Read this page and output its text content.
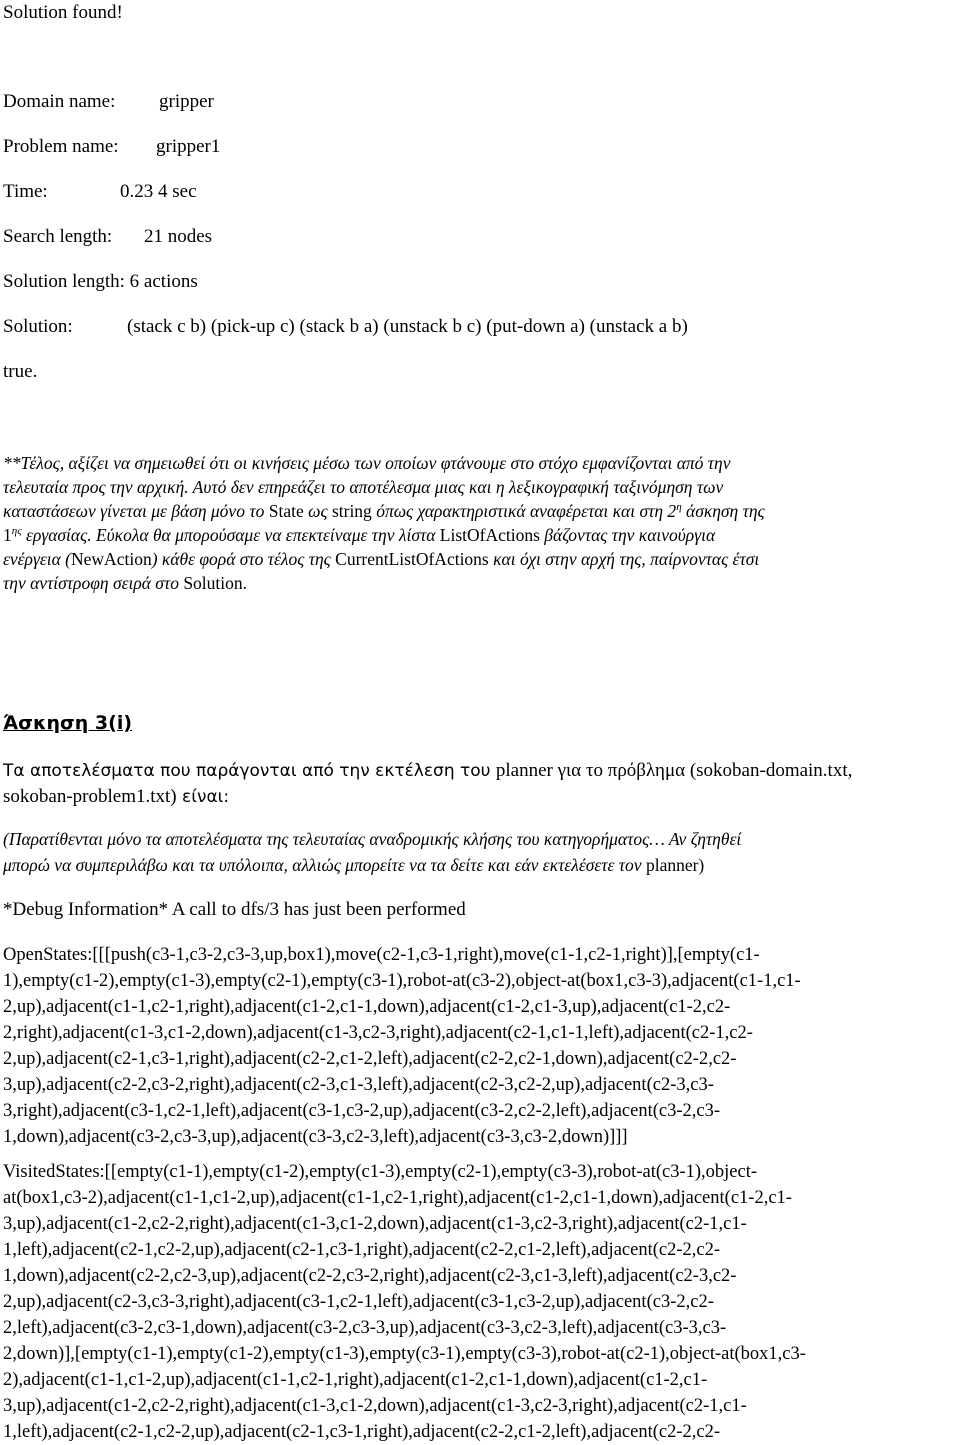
Solution found!
Domain name: gripper
Problem name: gripper1
Time:	0.23 4 sec
Search length: 21 nodes
Solution length: 6 actions
Solution:	(stack c b) (pick-up c) (stack b a) (unstack b c) (put-down a) (unstack a b)
true.
**Τέλος, αξίζει να σημειωθεί ότι οι κινήσεις μέσω των οποίων φτάνουμε στο στόχο εμφανίζονται από την
τελευταία προς την αρχική. Αυτό δεν επηρεάζει το αποτέλεσμα μιας και η λεξικογραφική ταξινόμηση των
καταστάσεων γίνεται με βάση μόνο το State ως string όπως χαρακτηριστικά αναφέρεται και στη $2^\eta$ άσκηση της
$1^{\eta\varsigma}$ εργασίας. Εύκολα θα μπορούσαμε να επεκτείναμε την λίστα ListOfActions βάζοντας την καινούργια
ενέργεια (NewAction) κάθε φορά στο τέλος της CurrentListOfActions και όχι στην αρχή της, παίρνοντας έτσι
την αντίστροφη σειρά στο Solution.
Άσκηση 3(i)
Τα αποτελέσματα που παράγονται από την εκτέλεση του planner για το πρόβλημα (sokoban-domain.txt,
sokoban-problem1.txt) είναι:
(Παρατίθενται μόνο τα αποτελέσματα της τελευταίας αναδρομικής κλήσης του κατηγορήματος… Αν ζητηθεί
μπορώ να συμπεριλάβω και τα υπόλοιπα, αλλιώς μπορείτε να τα δείτε και εάν εκτελέσετε τον planner)
*Debug Information* A call to dfs/3 has just been performed
OpenStates:[[[push(c3-1,c3-2,c3-3,up,box1),move(c2-1,c3-1,right),move(c1-1,c2-1,right)],[empty(c1-
1),empty(c1-2),empty(c1-3),empty(c2-1),empty(c3-1),robot-at(c3-2),object-at(box1,c3-3),adjacent(c1-1,c1-
2,up),adjacent(c1-1,c2-1,right),adjacent(c1-2,c1-1,down),adjacent(c1-2,c1-3,up),adjacent(c1-2,c2-
2,right),adjacent(c1-3,c1-2,down),adjacent(c1-3,c2-3,right),adjacent(c2-1,c1-1,left),adjacent(c2-1,c2-
2,up),adjacent(c2-1,c3-1,right),adjacent(c2-2,c1-2,left),adjacent(c2-2,c2-1,down),adjacent(c2-2,c2-
3,up),adjacent(c2-2,c3-2,right),adjacent(c2-3,c1-3,left),adjacent(c2-3,c2-2,up),adjacent(c2-3,c3-
3,right),adjacent(c3-1,c2-1,left),adjacent(c3-1,c3-2,up),adjacent(c3-2,c2-2,left),adjacent(c3-2,c3-
1,down),adjacent(c3-2,c3-3,up),adjacent(c3-3,c2-3,left),adjacent(c3-3,c3-2,down)]]]
VisitedStates:[[empty(c1-1),empty(c1-2),empty(c1-3),empty(c2-1),empty(c3-3),robot-at(c3-1),object-
at(box1,c3-2),adjacent(c1-1,c1-2,up),adjacent(c1-1,c2-1,right),adjacent(c1-2,c1-1,down),adjacent(c1-2,c1-
3,up),adjacent(c1-2,c2-2,right),adjacent(c1-3,c1-2,down),adjacent(c1-3,c2-3,right),adjacent(c2-1,c1-
1,left),adjacent(c2-1,c2-2,up),adjacent(c2-1,c3-1,right),adjacent(c2-2,c1-2,left),adjacent(c2-2,c2-
1,down),adjacent(c2-2,c2-3,up),adjacent(c2-2,c3-2,right),adjacent(c2-3,c1-3,left),adjacent(c2-3,c2-
2,up),adjacent(c2-3,c3-3,right),adjacent(c3-1,c2-1,left),adjacent(c3-1,c3-2,up),adjacent(c3-2,c2-
2,left),adjacent(c3-2,c3-1,down),adjacent(c3-2,c3-3,up),adjacent(c3-3,c2-3,left),adjacent(c3-3,c3-
2,down)],[empty(c1-1),empty(c1-2),empty(c1-3),empty(c3-1),empty(c3-3),robot-at(c2-1),object-at(box1,c3-
2),adjacent(c1-1,c1-2,up),adjacent(c1-1,c2-1,right),adjacent(c1-2,c1-1,down),adjacent(c1-2,c1-
3,up),adjacent(c1-2,c2-2,right),adjacent(c1-3,c1-2,down),adjacent(c1-3,c2-3,right),adjacent(c2-1,c1-
1,left),adjacent(c2-1,c2-2,up),adjacent(c2-1,c3-1,right),adjacent(c2-2,c1-2,left),adjacent(c2-2,c2-
